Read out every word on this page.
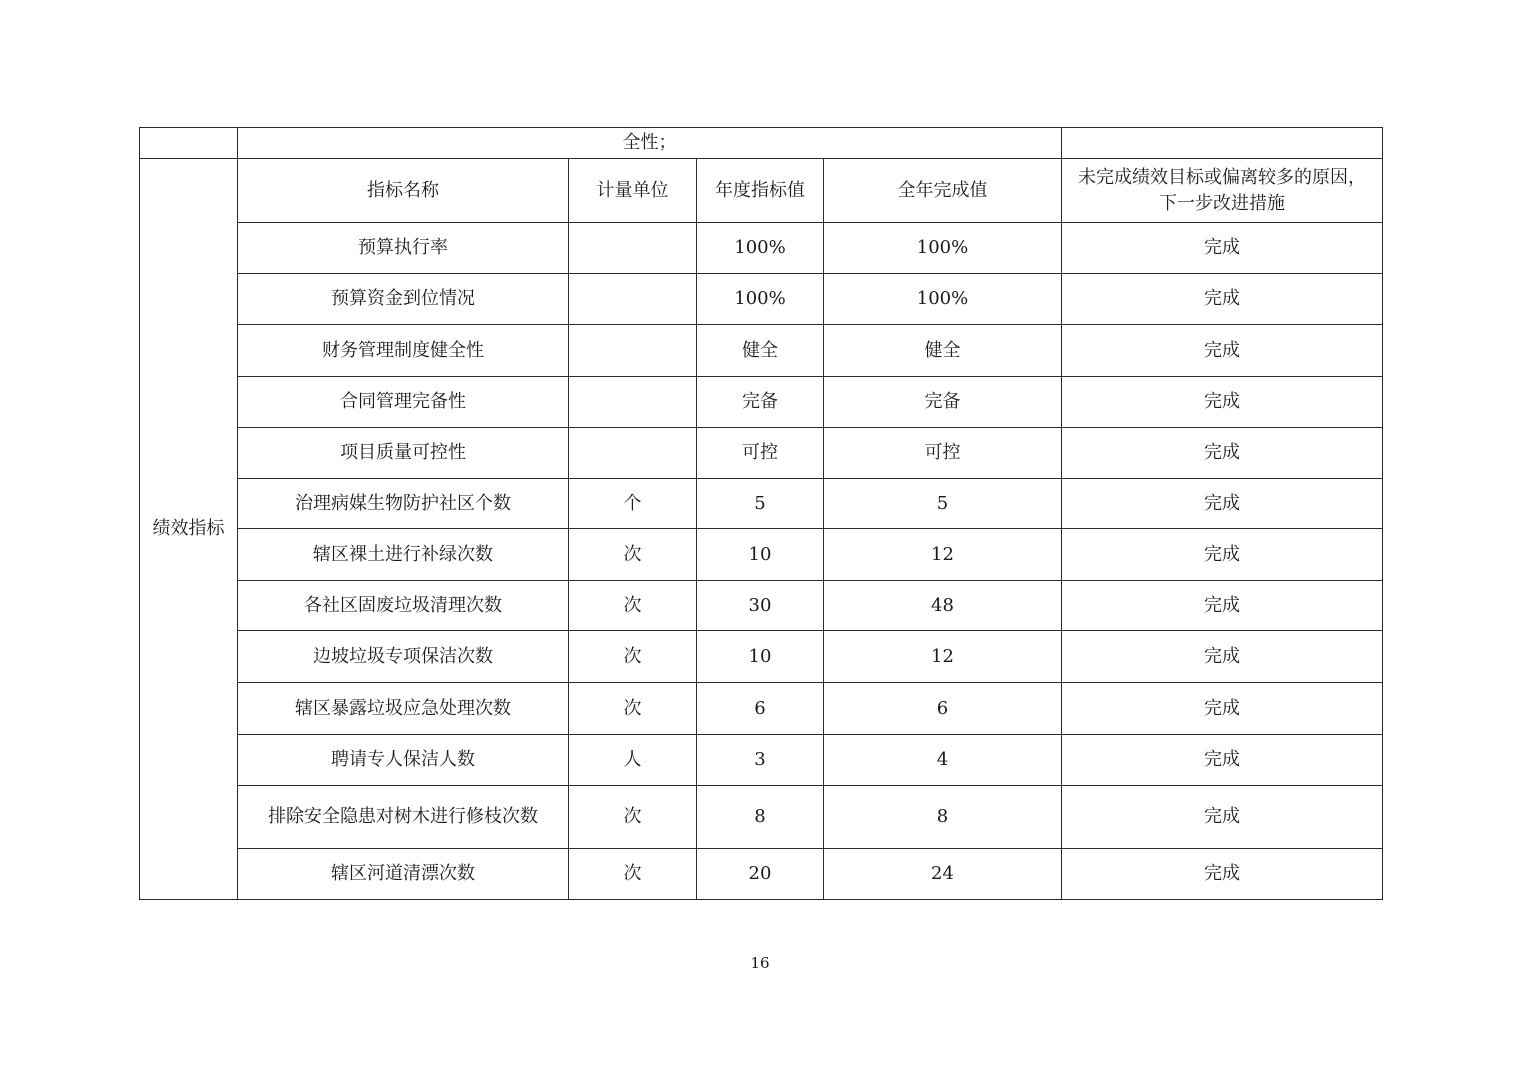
	全性；				
绩效指标	指标名称	计量单位	年度指标值	全年完成值	未完成绩效目标或偏离较多的原因，
下一步改进措施

	预算执行率		100%	100%	完成
	预算资金到位情况		100%	100%	完成
	财务管理制度健全性		健全	健全	完成
	合同管理完备性		完备	完备	完成
	项目质量可控性		可控	可控	完成
	治理病媒生物防护社区个数	个	5	5	完成
	辖区裸土进行补绿次数	次	10	12	完成
	各社区固废垃圾清理次数	次	30	48	完成
	边坡垃圾专项保洁次数	次	10	12	完成
	辖区暴露垃圾应急处理次数	次	6	6	完成
	聘请专人保洁人数	人	3	4	完成
	排除安全隐患对树木进行修枝次数	次	8	8	完成
	辖区河道清漂次数	次	20	24	完成
16
